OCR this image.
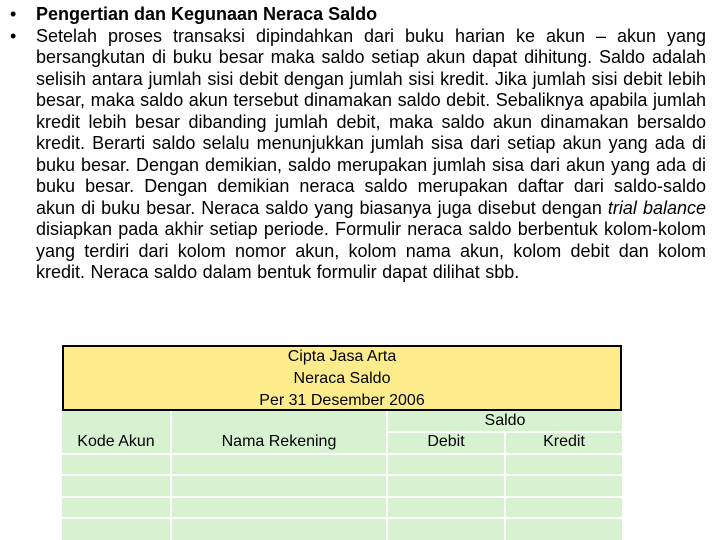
•	Pengertian dan Kegunaan Neraca Saldo
•	Setelah proses transaksi dipindahkan dari buku harian ke akun – akun yang bersangkutan di buku besar maka saldo setiap akun dapat dihitung. Saldo adalah selisih antara jumlah sisi debit dengan jumlah sisi kredit. Jika jumlah sisi debit lebih besar, maka saldo akun tersebut dinamakan saldo debit. Sebaliknya apabila jumlah kredit lebih besar dibanding jumlah debit, maka saldo akun dinamakan bersaldo kredit. Berarti saldo selalu menunjukkan jumlah sisa dari setiap akun yang ada di buku besar. Dengan demikian, saldo merupakan jumlah sisa dari akun yang ada di buku besar. Dengan demikian neraca saldo merupakan daftar dari saldo-saldo akun di buku besar. Neraca saldo yang biasanya juga disebut dengan trial balance disiapkan pada akhir setiap periode. Formulir neraca saldo berbentuk kolom-kolom yang terdiri dari kolom nomor akun, kolom nama akun, kolom debit dan kolom kredit. Neraca saldo dalam bentuk formulir dapat dilihat sbb.
Cipta Jasa Arta
Neraca Saldo
Per 31 Desember 2006
Saldo
Kode Akun	Nama Rekening	Debit	Kredit
